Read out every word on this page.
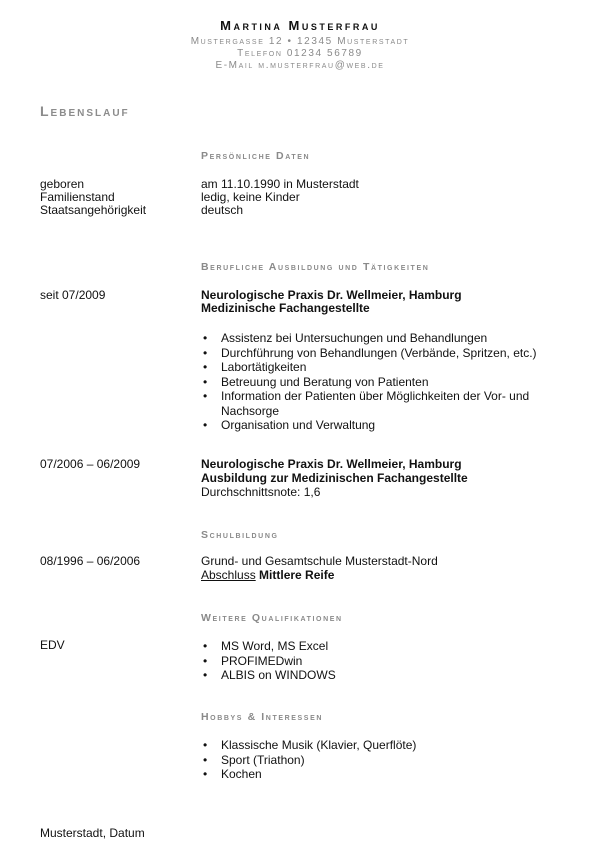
Martina Musterfrau
Mustergasse 12 • 12345 Musterstadt
Telefon 01234 56789
E-Mail m.musterfrau@web.de
Lebenslauf
Persönliche Daten
geboren	am 11.10.1990 in Musterstadt
Familienstand	ledig, keine Kinder
Staatsangehörigkeit	deutsch
Berufliche Ausbildung und Tätigkeiten
seit 07/2009	Neurologische Praxis Dr. Wellmeier, Hamburg
Medizinische Fachangestellte
• Assistenz bei Untersuchungen und Behandlungen
• Durchführung von Behandlungen (Verbände, Spritzen, etc.)
• Labortätigkeiten
• Betreuung und Beratung von Patienten
• Information der Patienten über Möglichkeiten der Vor- und Nachsorge
• Organisation und Verwaltung
07/2006 – 06/2009	Neurologische Praxis Dr. Wellmeier, Hamburg
Ausbildung zur Medizinischen Fachangestellte
Durchschnittsnote: 1,6
Schulbildung
08/1996 – 06/2006	Grund- und Gesamtschule Musterstadt-Nord
Abschluss Mittlere Reife
Weitere Qualifikationen
EDV
•	MS Word, MS Excel
• PROFIMEDwin
• ALBIS on WINDOWS
Hobbys & Interessen
• Klassische Musik (Klavier, Querflöte)
• Sport (Triathon)
• Kochen
Musterstadt, Datum
